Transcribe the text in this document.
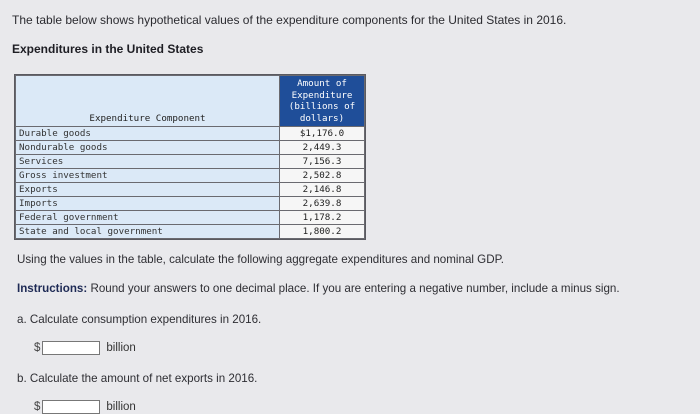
The table below shows hypothetical values of the expenditure components for the United States in 2016.
Expenditures in the United States
Expenditure Component	Amount of
Expenditure
(billions of
dollars)

Durable goods	$1,176.0
Nondurable goods	2,449.3
Services	7,156.3
Gross investment	2,502.8
Exports	2,146.8
Imports	2,639.8
Federal government	1,178.2
State and local government	1,800.2
Using the values in the table, calculate the following aggregate expenditures and nominal GDP.
Instructions: Round your answers to one decimal place. If you are entering a negative number, include a minus sign.
a. Calculate consumption expenditures in 2016.
$	billion
b. Calculate the amount of net exports in 2016.
$	billion
